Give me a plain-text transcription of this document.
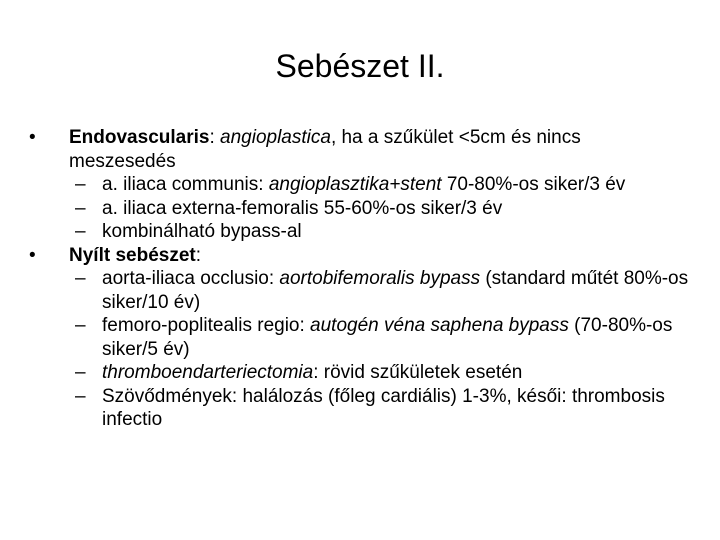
Sebészet II.
• Endovascularis: angioplastica, ha a szűkület <5cm és nincs meszesedés
– a. iliaca communis: angioplasztika+stent 70-80%-os siker/3 év
– a. iliaca externa-femoralis 55-60%-os siker/3 év
– kombinálható bypass-al
• Nyílt sebészet:
– aorta-iliaca occlusio: aortobifemoralis bypass (standard műtét 80%-os siker/10 év)
– femoro-poplitealis regio: autogén véna saphena bypass (70-80%-os siker/5 év)
– thromboendarteriectomia: rövid szűkületek esetén
– Szövődmények: halálozás (főleg cardiális) 1-3%, késői: thrombosis infectio
